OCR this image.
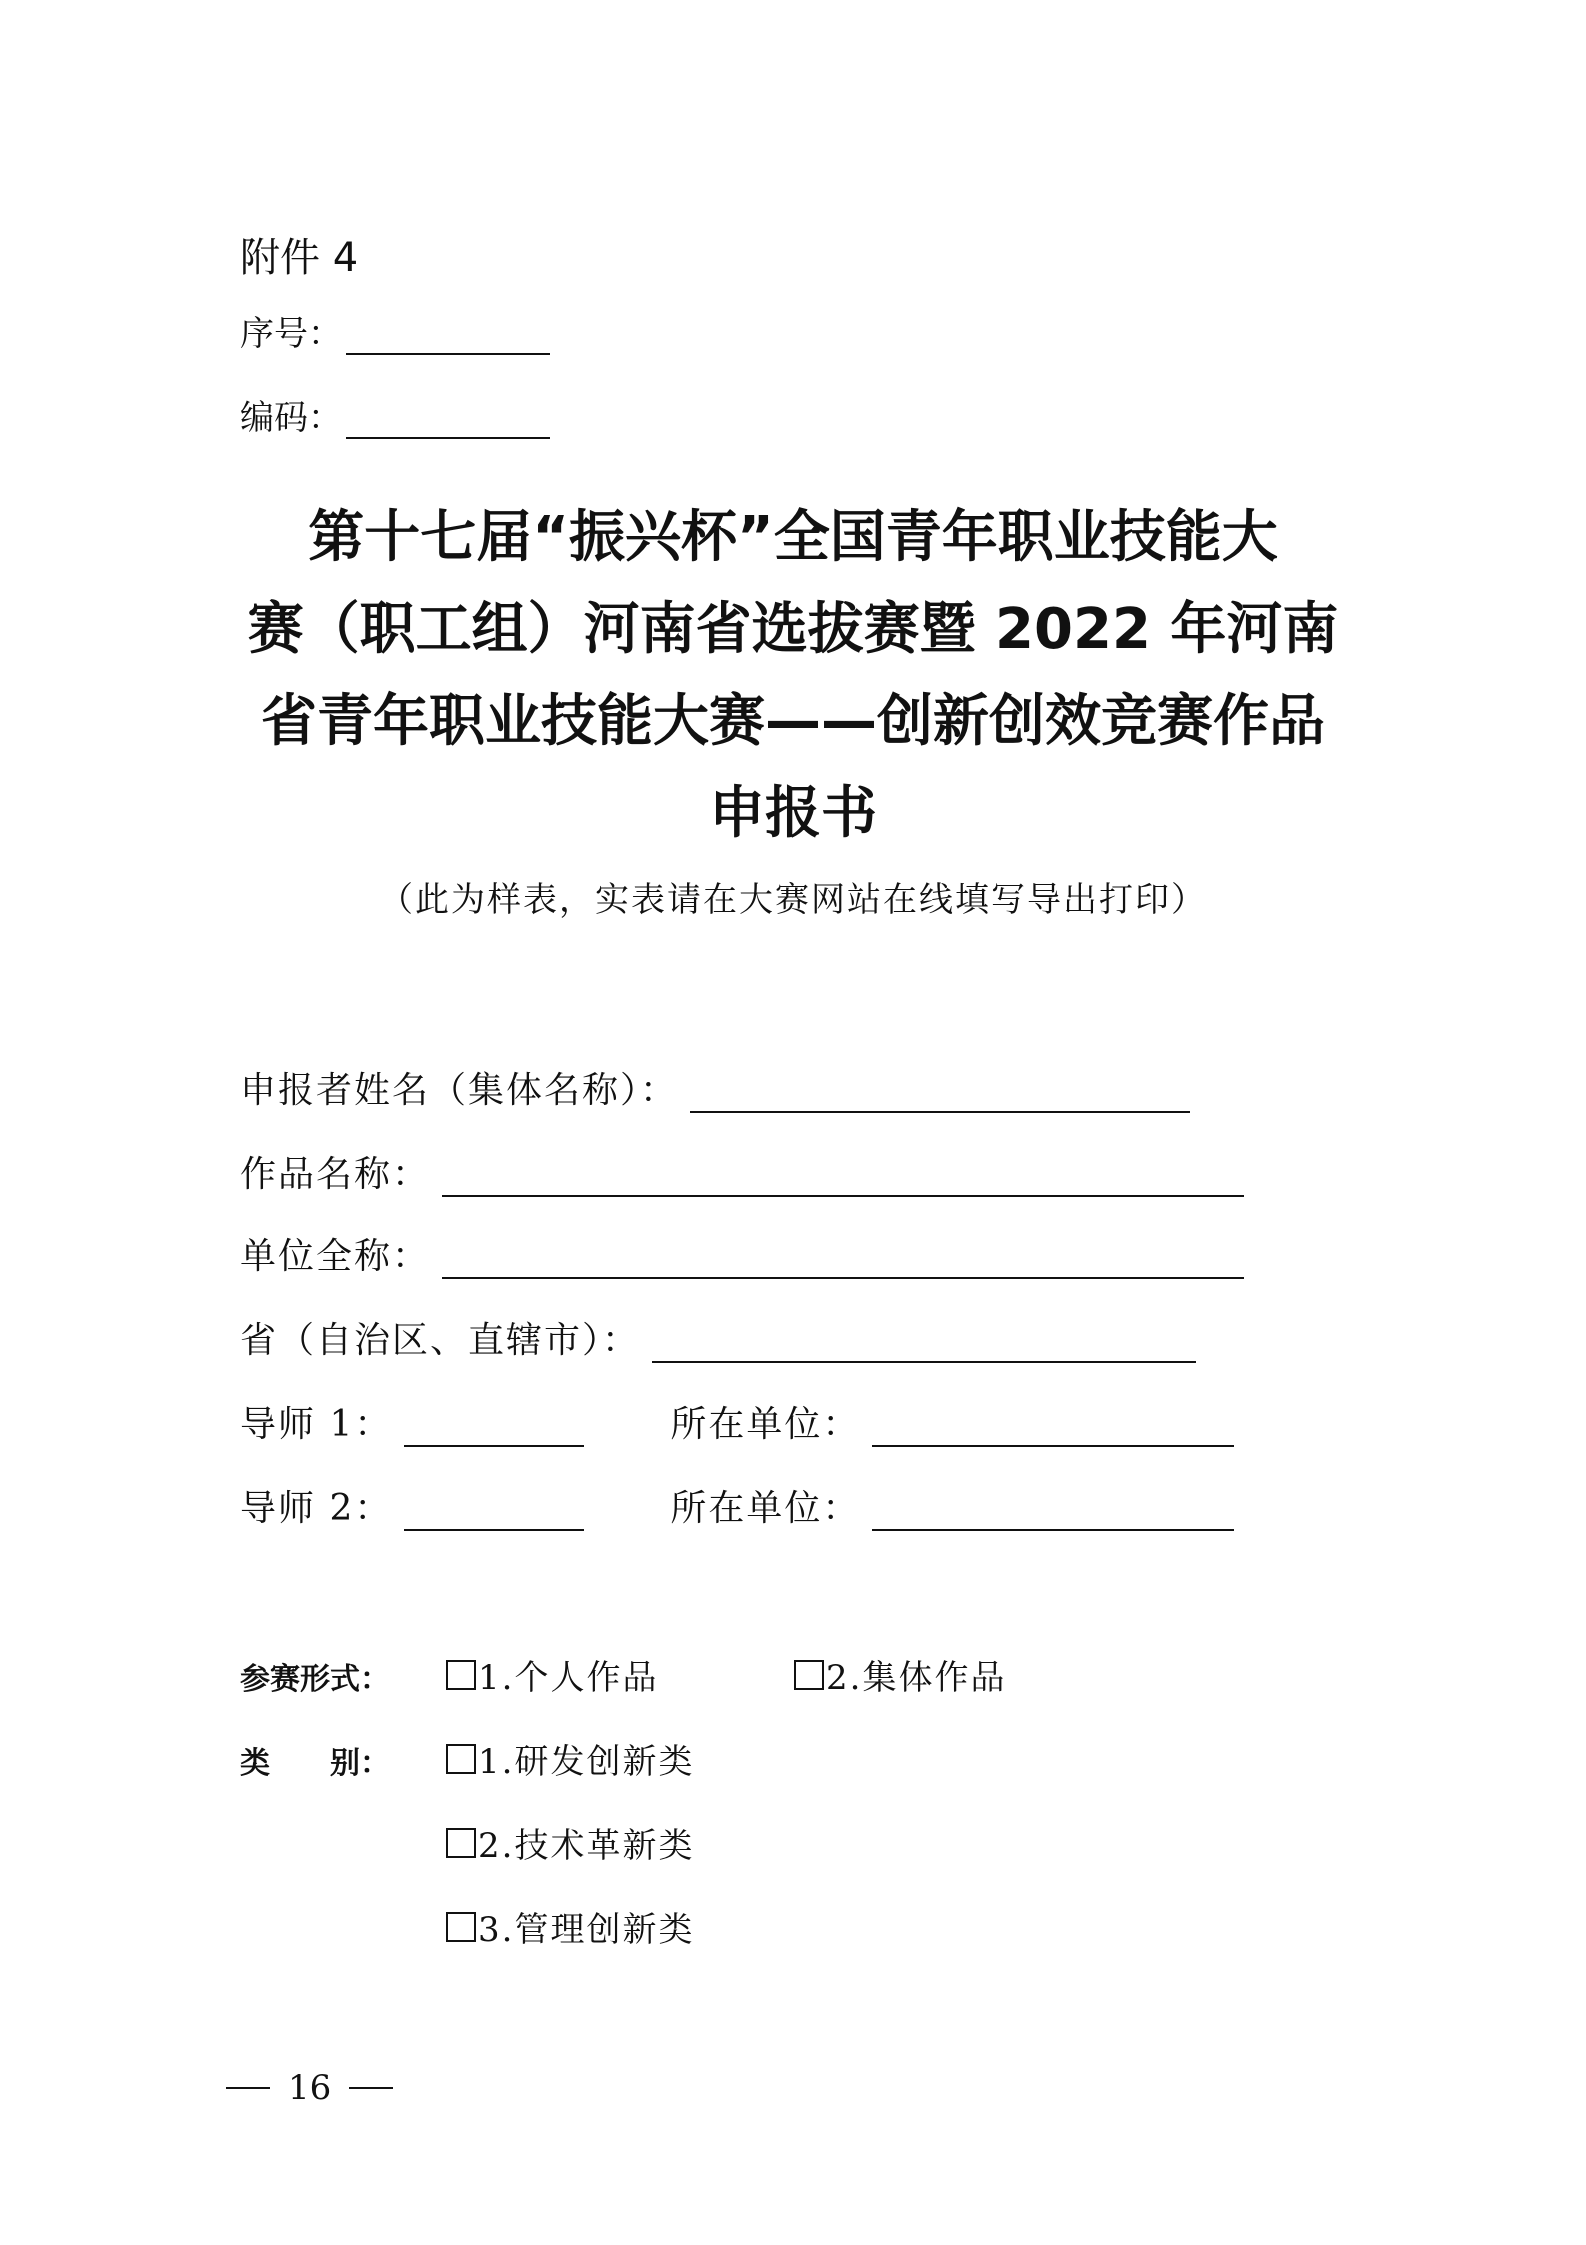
附件 4
序号：
编码：
第十七届“振兴杯”全国青年职业技能大
赛（职工组）河南省选拔赛暨 2022 年河南
省青年职业技能大赛——创新创效竞赛作品
申报书
（此为样表，实表请在大赛网站在线填写导出打印）
申报者姓名（集体名称）：
作品名称：
单位全称：
省（自治区、直辖市）：
导师 1：	所在单位：
导师 2：	所在单位：
参赛形式：	1.个人作品	2.集体作品
类　　别：	1.研发创新类
2.技术革新类
3.管理创新类
16
